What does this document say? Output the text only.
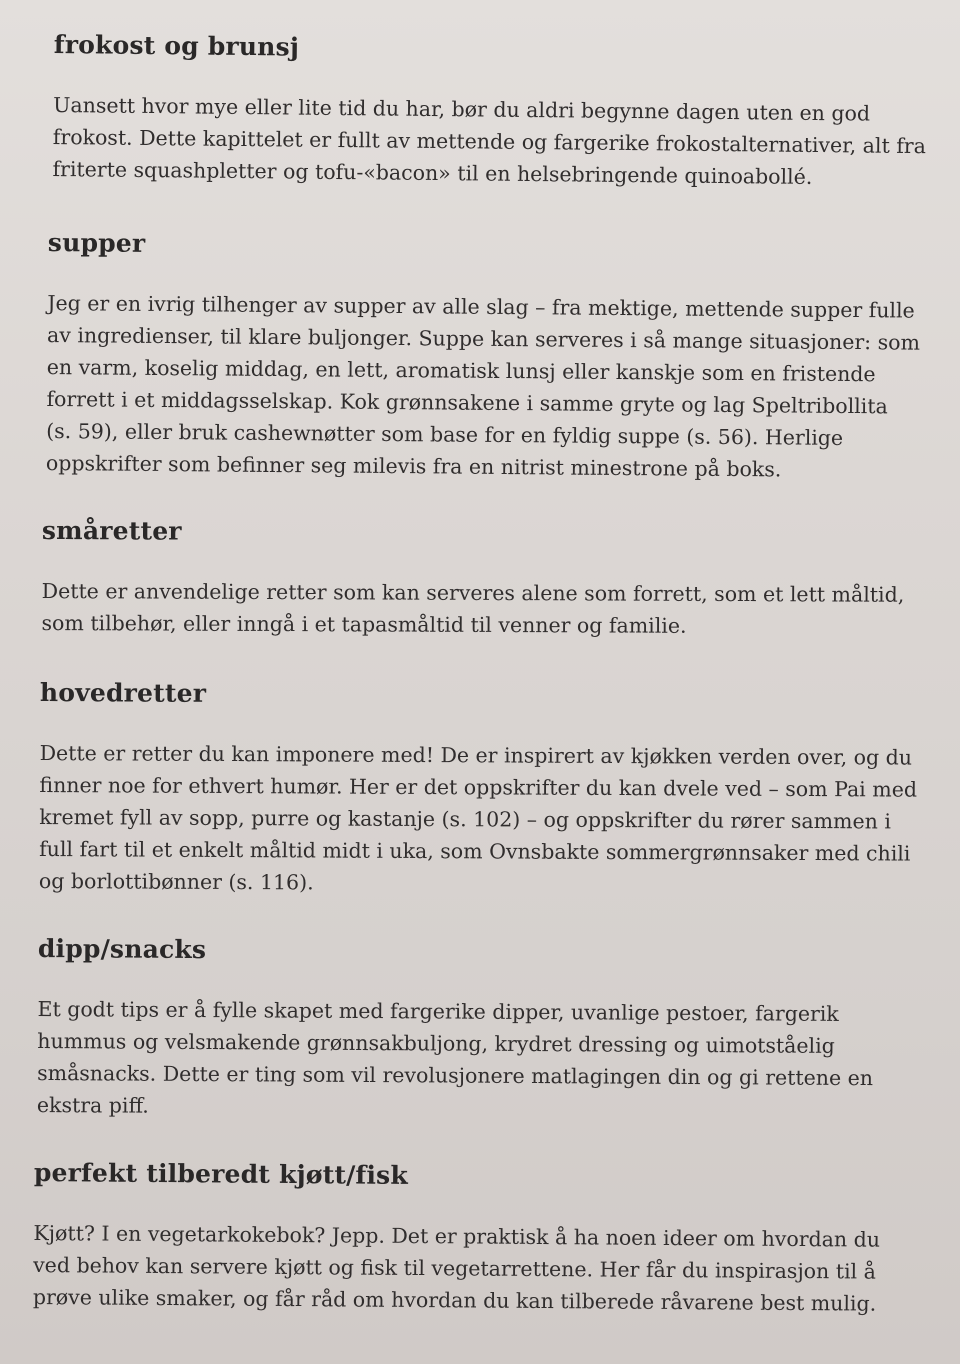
frokost og brunsj

Uansett hvor mye eller lite tid du har, bør du aldri begynne dagen uten en god
frokost. Dette kapittelet er fullt av mettende og fargerike frokostalternativer, alt fra
friterte squashpletter og tofu-«bacon» til en helsebringende quinoabollé.

supper

Jeg er en ivrig tilhenger av supper av alle slag – fra mektige, mettende supper fulle
av ingredienser, til klare buljonger. Suppe kan serveres i så mange situasjoner: som
en varm, koselig middag, en lett, aromatisk lunsj eller kanskje som en fristende
forrett i et middagsselskap. Kok grønnsakene i samme gryte og lag Speltribollita
(s. 59), eller bruk cashewnøtter som base for en fyldig suppe (s. 56). Herlige
oppskrifter som befinner seg milevis fra en nitrist minestrone på boks.

småretter

Dette er anvendelige retter som kan serveres alene som forrett, som et lett måltid,
som tilbehør, eller inngå i et tapasmåltid til venner og familie.

hovedretter

Dette er retter du kan imponere med! De er inspirert av kjøkken verden over, og du
finner noe for ethvert humør. Her er det oppskrifter du kan dvele ved – som Pai med
kremet fyll av sopp, purre og kastanje (s. 102) – og oppskrifter du rører sammen i
full fart til et enkelt måltid midt i uka, som Ovnsbakte sommergrønnsaker med chili
og borlottibønner (s. 116).

dipp/snacks

Et godt tips er å fylle skapet med fargerike dipper, uvanlige pestoer, fargerik
hummus og velsmakende grønnsakbuljong, krydret dressing og uimotståelig
småsnacks. Dette er ting som vil revolusjonere matlagingen din og gi rettene en
ekstra piff.

perfekt tilberedt kjøtt/fisk

Kjøtt? I en vegetarkokebok? Jepp. Det er praktisk å ha noen ideer om hvordan du
ved behov kan servere kjøtt og fisk til vegetarrettene. Her får du inspirasjon til å
prøve ulike smaker, og får råd om hvordan du kan tilberede råvarene best mulig.
